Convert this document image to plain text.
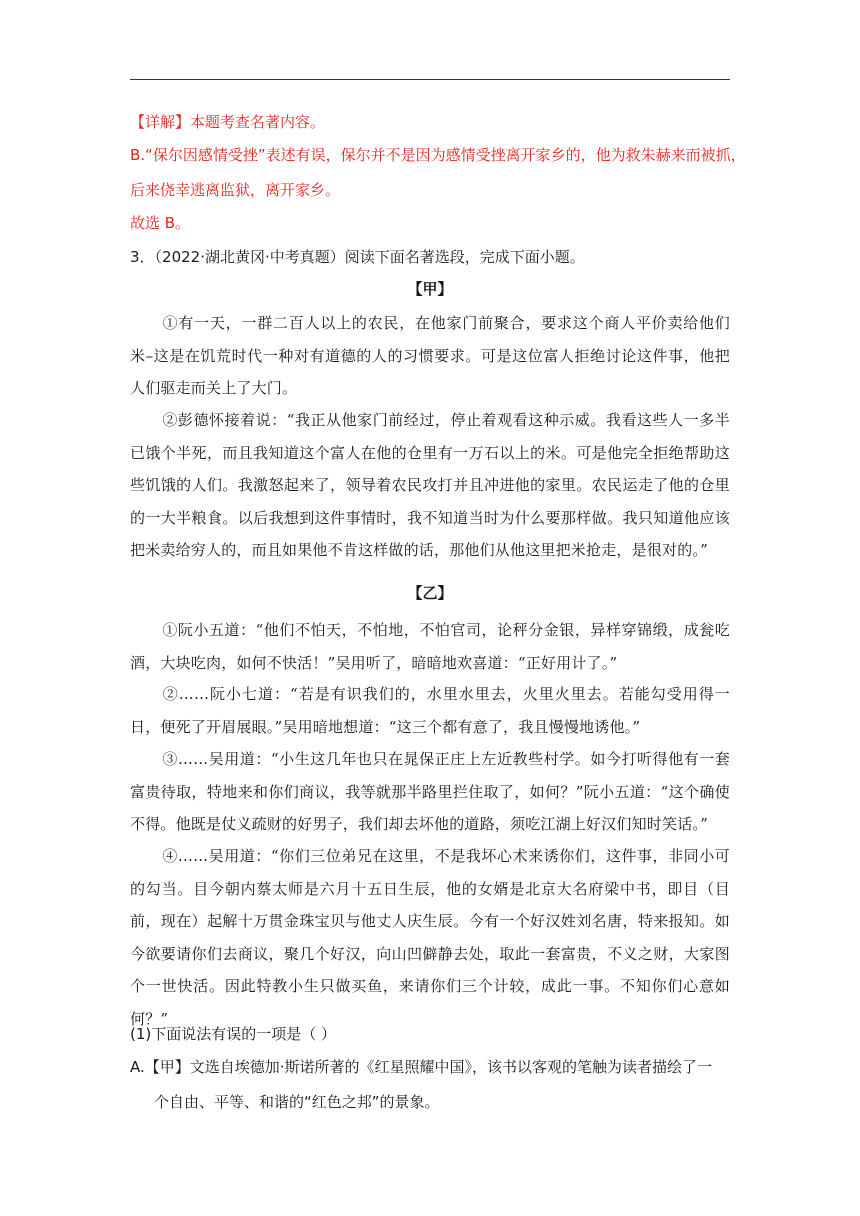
【详解】本题考查名著内容。
B.“保尔因感情受挫”表述有误，保尔并不是因为感情受挫离开家乡的，他为救朱赫来而被抓，
后来侥幸逃离监狱，离开家乡。
故选 B。
3．（2022·湖北黄冈·中考真题）阅读下面名著选段，完成下面小题。
【甲】
①有一天，一群二百人以上的农民，在他家门前聚合，要求这个商人平价卖给他们米–这是在饥荒时代一种对有道德的人的习惯要求。可是这位富人拒绝讨论这件事，他把人们驱走而关上了大门。
②彭德怀接着说：“我正从他家门前经过，停止着观看这种示威。我看这些人一多半已饿个半死，而且我知道这个富人在他的仓里有一万石以上的米。可是他完全拒绝帮助这些饥饿的人们。我激怒起来了，领导着农民攻打并且冲进他的家里。农民运走了他的仓里的一大半粮食。以后我想到这件事情时，我不知道当时为什么要那样做。我只知道他应该把米卖给穷人的，而且如果他不肯这样做的话，那他们从他这里把米抢走，是很对的。”
【乙】
①阮小五道：“他们不怕天，不怕地，不怕官司，论秤分金银，异样穿锦缎，成瓮吃酒，大块吃肉，如何不快活！”吴用听了，暗暗地欢喜道：“正好用计了。”
②……阮小七道：“若是有识我们的，水里水里去，火里火里去。若能勾受用得一日，便死了开眉展眼。”吴用暗地想道：“这三个都有意了，我且慢慢地诱他。”
③……吴用道：“小生这几年也只在晁保正庄上左近教些村学。如今打听得他有一套富贵待取，特地来和你们商议，我等就那半路里拦住取了，如何？”阮小五道：“这个确使不得。他既是仗义疏财的好男子，我们却去坏他的道路，须吃江湖上好汉们知时笑话。”
④……吴用道：“你们三位弟兄在这里，不是我坏心术来诱你们，这件事，非同小可的勾当。目今朝内蔡太师是六月十五日生辰，他的女婿是北京大名府梁中书，即目（目前，现在）起解十万贯金珠宝贝与他丈人庆生辰。今有一个好汉姓刘名唐，特来报知。如今欲要请你们去商议，聚几个好汉，向山凹僻静去处，取此一套富贵，不义之财，大家图个一世快活。因此特教小生只做买鱼，来请你们三个计较，成此一事。不知你们心意如何？”
(1)下面说法有误的一项是（ ）
A.【甲】文选自埃德加·斯诺所著的《红星照耀中国》，该书以客观的笔触为读者描绘了一
个自由、平等、和谐的“红色之邦”的景象。
